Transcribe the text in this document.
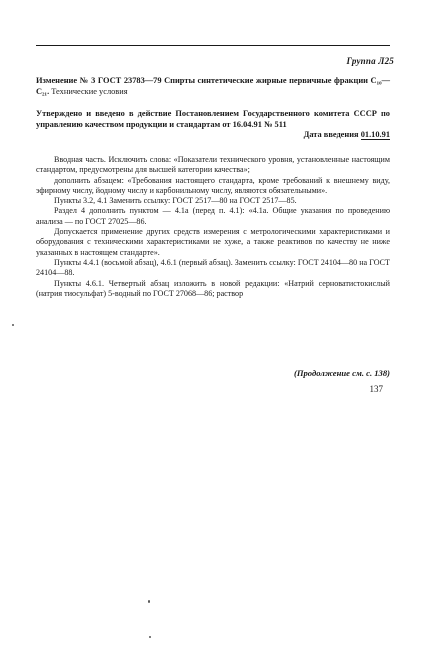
Группа Л25
Изменение № 3 ГОСТ 23783—79 Спирты синтетические жирные первичные фракции С₁₀—С₂₁. Технические условия
Утверждено и введено в действие Постановлением Государственного комитета СССР по управлению качеством продукции и стандартам от 16.04.91 № 511
Дата введения 01.10.91

Вводная часть. Исключить слова: «Показатели технического уровня, установленные настоящим стандартом, предусмотрены для высшей категории качества»;

дополнить абзацем: «Требования настоящего стандарта, кроме требований к внешнему виду, эфирному числу, йодному числу и карбонильному числу, являются обязательными».

Пункты 3.2, 4.1 Заменить ссылку: ГОСТ 2517—80 на ГОСТ 2517—85.

Раздел 4 дополнить пунктом — 4.1а (перед п. 4.1): «4.1а. Общие указания по проведению анализа — по ГОСТ 27025—86.

Допускается применение других средств измерения с метрологическими характеристиками и оборудования с техническими характеристиками не хуже, а также реактивов по качеству не ниже указанных в настоящем стандарте».

Пункты 4.4.1 (восьмой абзац), 4.6.1 (первый абзац). Заменить ссылку: ГОСТ 24104—80 на ГОСТ 24104—88.

Пункты 4.6.1. Четвертый абзац изложить в новой редакции: «Натрий серноватистокислый (натрия тиосульфат) 5-водный по ГОСТ 27068—86; раствор

(Продолжение см. с. 138)
137
